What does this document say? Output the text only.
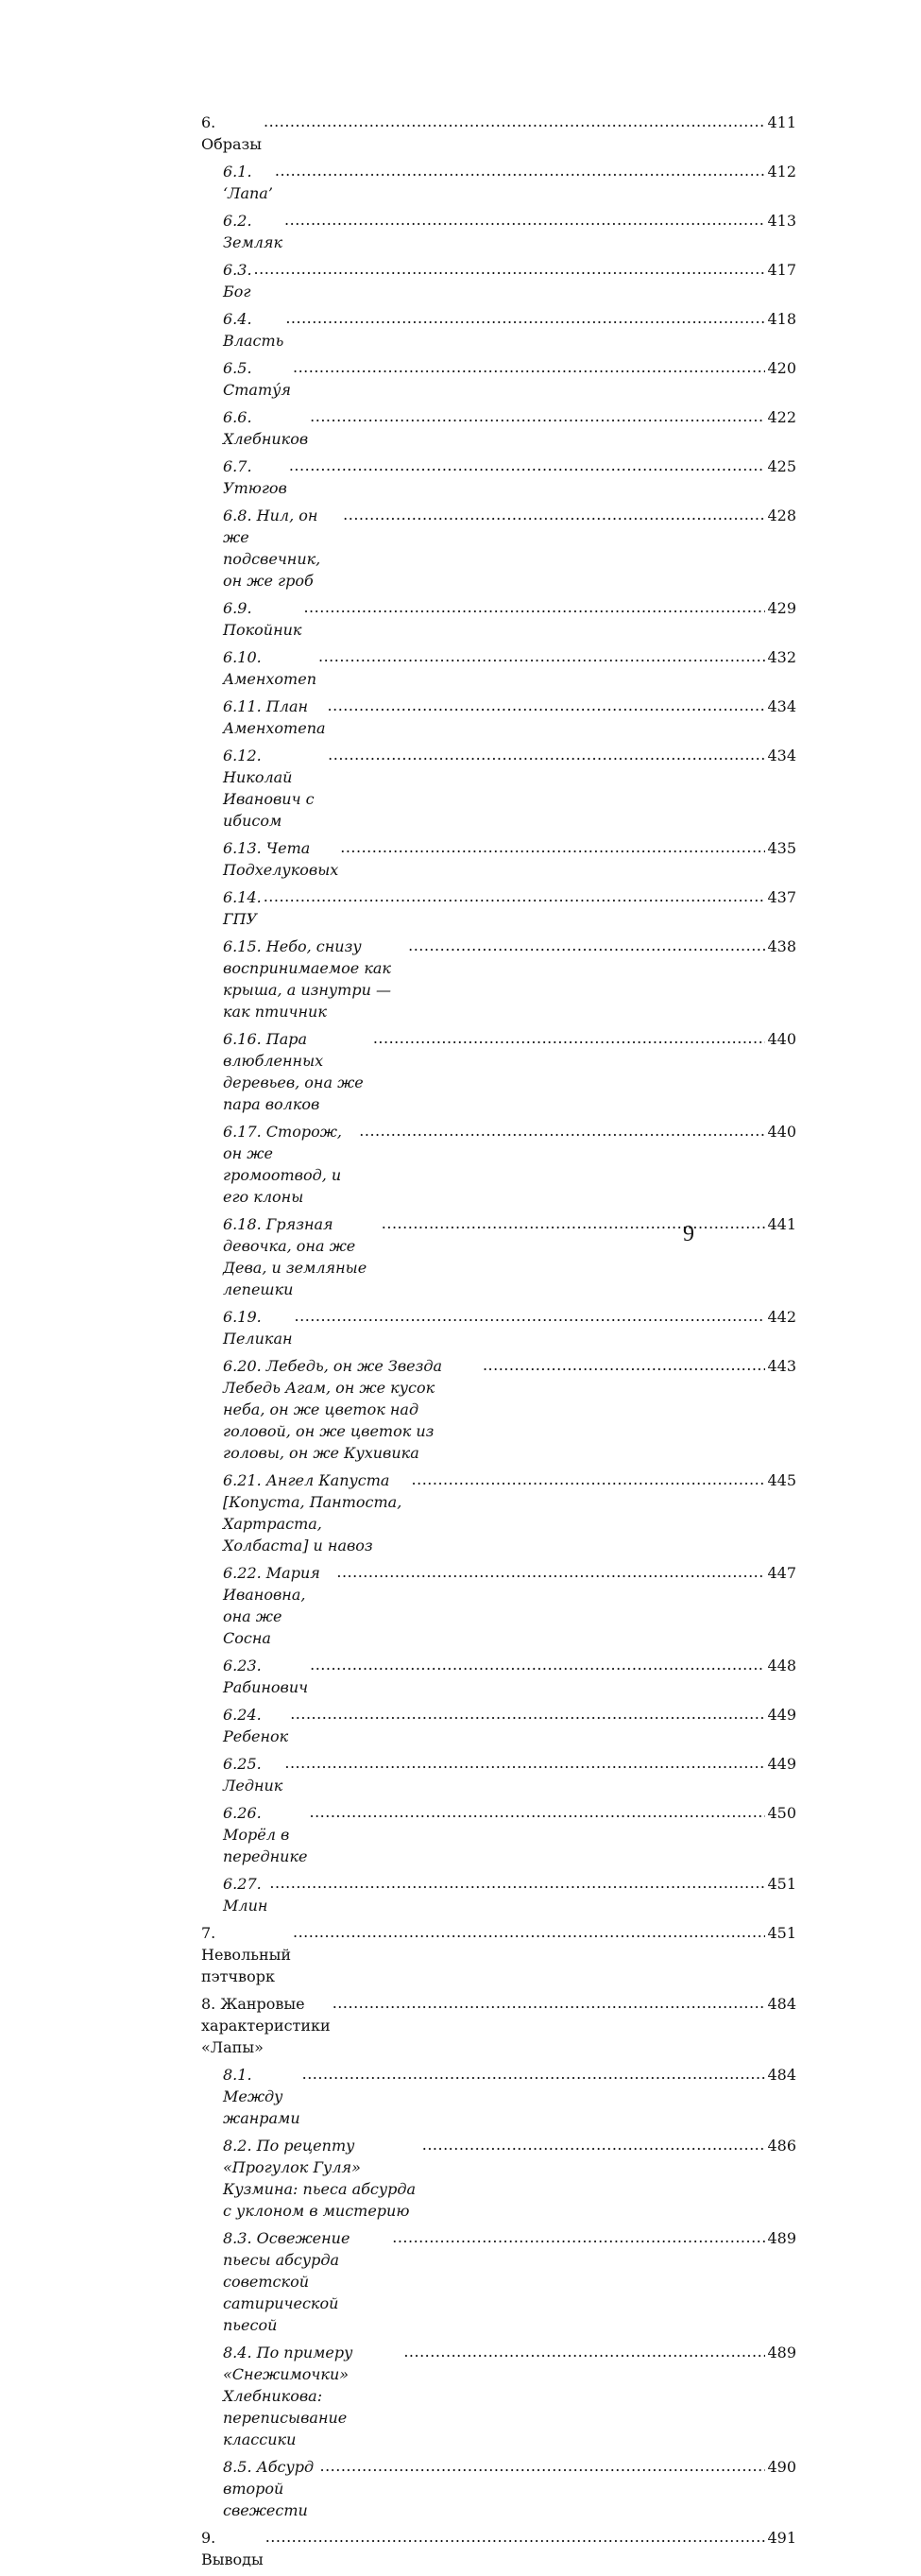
6. Образы
.....
411
6.1. ‘Лапа’
.....
412
6.2. Земляк
.....
413
6.3. Бог
.....
417
6.4. Власть
.....
418
6.5. Стату́я
.....
420
6.6. Хлебников
.....
422
6.7. Утюгов
.....
425
6.8. Нил, он же подсвечник, он же гроб
.....
428
6.9. Покойник
.....
429
6.10. Аменхотеп
.....
432
6.11. План Аменхотепа
.....
434
6.12. Николай Иванович с ибисом
.....
434
6.13. Чета Подхелуковых
.....
435
6.14. ГПУ
.....
437
6.15. Небо, снизу воспринимаемое как крыша, а изнутри — как птичник
.....
438
6.16. Пара влюбленных деревьев, она же пара волков
.....
440
6.17. Сторож, он же громоотвод, и его клоны
.....
440
6.18. Грязная девочка, она же Дева, и земляные лепешки
.....
441
6.19. Пеликан
.....
442
6.20. Лебедь, он же Звезда Лебедь Агам, он же кусок неба, он же цветок над головой, он же цветок из головы, он же Кухивика
.....
443
6.21. Ангел Капуста [Копуста, Пантоста, Хартраста, Холбаста] и навоз
.....
445
6.22. Мария Ивановна, она же Сосна
.....
447
6.23. Рабинович
.....
448
6.24. Ребенок
.....
449
6.25. Ледник
.....
449
6.26. Морёл в переднике
.....
450
6.27. Млин
.....
451
7. Невольный пэтчворк
.....
451
8. Жанровые характеристики «Лапы»
.....
484
8.1. Между жанрами
.....
484
8.2. По рецепту «Прогулок Гуля» Кузмина: пьеса абсурда с уклоном в мистерию
.....
486
8.3. Освежение пьесы абсурда советской сатирической пьесой
.....
489
8.4. По примеру «Снежимочки» Хлебникова: переписывание классики
.....
489
8.5. Абсурд второй свежести
.....
490
9. Выводы
.....
491
9
